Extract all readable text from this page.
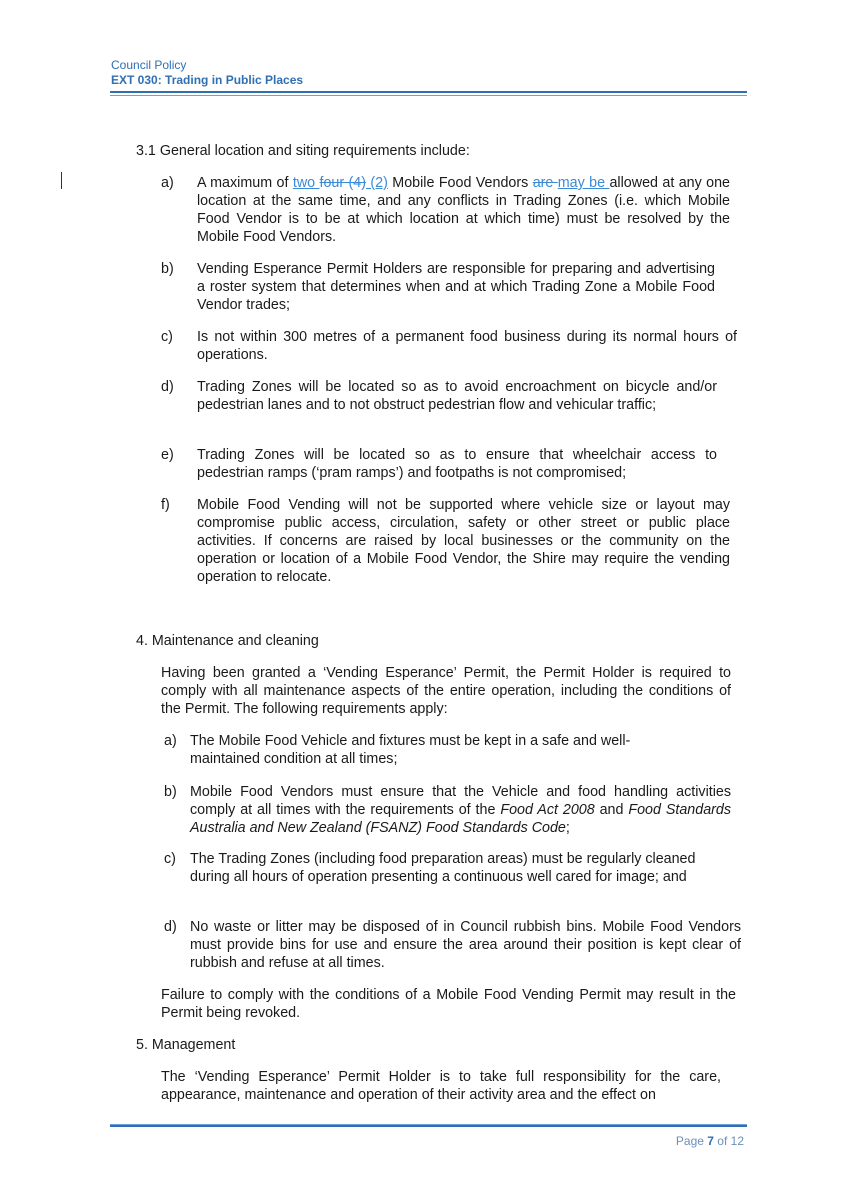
Council Policy
EXT 030: Trading in Public Places
3.1 General location and siting requirements include:
a) A maximum of two four (4) (2) Mobile Food Vendors are may be allowed at any one location at the same time, and any conflicts in Trading Zones (i.e. which Mobile Food Vendor is to be at which location at which time) must be resolved by the Mobile Food Vendors.
b) Vending Esperance Permit Holders are responsible for preparing and advertising a roster system that determines when and at which Trading Zone a Mobile Food Vendor trades;
c) Is not within 300 metres of a permanent food business during its normal hours of operations.
d) Trading Zones will be located so as to avoid encroachment on bicycle and/or pedestrian lanes and to not obstruct pedestrian flow and vehicular traffic;
e) Trading Zones will be located so as to ensure that wheelchair access to pedestrian ramps (‘pram ramps’) and footpaths is not compromised;
f) Mobile Food Vending will not be supported where vehicle size or layout may compromise public access, circulation, safety or other street or public place activities. If concerns are raised by local businesses or the community on the operation or location of a Mobile Food Vendor, the Shire may require the vending operation to relocate.
4. Maintenance and cleaning
Having been granted a ‘Vending Esperance’ Permit, the Permit Holder is required to comply with all maintenance aspects of the entire operation, including the conditions of the Permit. The following requirements apply:
a) The Mobile Food Vehicle and fixtures must be kept in a safe and well-maintained condition at all times;
b) Mobile Food Vendors must ensure that the Vehicle and food handling activities comply at all times with the requirements of the Food Act 2008 and Food Standards Australia and New Zealand (FSANZ) Food Standards Code;
c) The Trading Zones (including food preparation areas) must be regularly cleaned during all hours of operation presenting a continuous well cared for image; and
d) No waste or litter may be disposed of in Council rubbish bins. Mobile Food Vendors must provide bins for use and ensure the area around their position is kept clear of rubbish and refuse at all times.
Failure to comply with the conditions of a Mobile Food Vending Permit may result in the Permit being revoked.
5. Management
The ‘Vending Esperance’ Permit Holder is to take full responsibility for the care, appearance, maintenance and operation of their activity area and the effect on
Page 7 of 12
